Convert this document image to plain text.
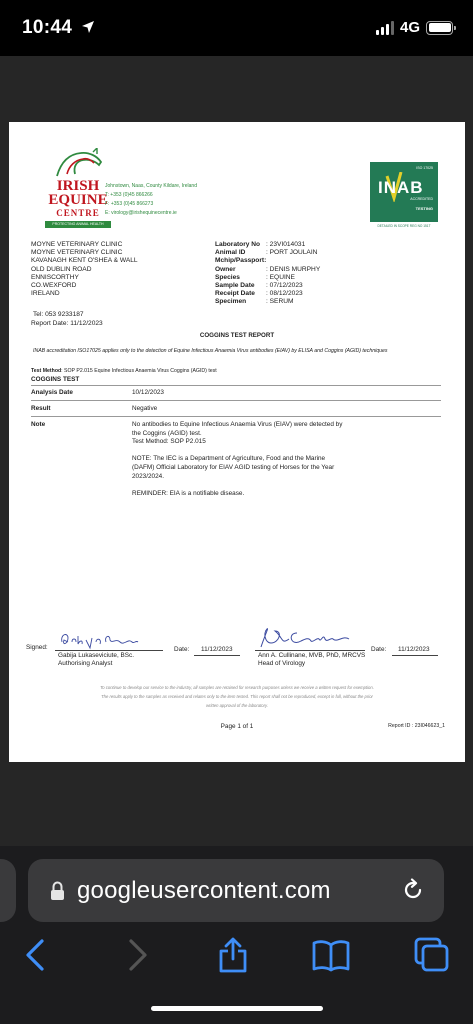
10:44	4G
IRISH
EQUINE
CENTRE
PROTECTING ANIMAL HEALTH
Johnstown, Naas, County Kildare, Ireland
T: +353 (0)45 866266
F: +353 (0)45 866273
E: virology@irishequinecentre.ie
ISO 17025
INAB
ACCREDITED
TESTING
DETAILED IN SCOPE REG NO 151T
MOYNE VETERINARY CLINIC
MOYNE VETERINARY CLINIC
KAVANAGH KENT O'SHEA & WALL
OLD DUBLIN ROAD
ENNISCORTHY
CO.WEXFORD
IRELAND
Tel: 053 9233187
Report Date: 11/12/2023
Laboratory No : 23VI014031
Animal ID	: PORT JOULAIN
Mchip/Passport:
Owner	: DENIS MURPHY
Species	: EQUINE
Sample Date	: 07/12/2023
Receipt Date	: 08/12/2023
Specimen	: SERUM
COGGINS TEST REPORT
INAB accreditation ISO17025 applies only to the detection of Equine Infectious Anaemia Virus antibodies (EIAV) by ELISA and Coggins (AGID) techniques
Test Method: SOP P2.015 Equine Infectious Anaemia Virus Coggins (AGID) test
COGGINS TEST
Analysis Date	10/12/2023
Result	Negative
Note	No antibodies to Equine Infectious Anaemia Virus (EIAV) were detected by
the Coggins (AGID) test.
Test Method: SOP P2.015
NOTE: The IEC is a Department of Agriculture, Food and the Marine
(DAFM) Official Laboratory for EIAV AGID testing of Horses for the Year
2023/2024.
REMINDER: EIA is a notifiable disease.
Signed:
Gabija Lukaseviciute, BSc.
Authorising Analyst
Date: 11/12/2023
Ann A. Cullinane, MVB, PhD, MRCVS
Head of Virology
Date: 11/12/2023
To continue to develop our service to the industry, all samples are retained for research purposes unless we receive a written request for exemption.
The results apply to the samples as received and relates only to the item tested. This report shall not be reproduced, except in full, without the prior
written approval of the laboratory.
Page 1 of 1	Report ID : 23I046623_1
googleusercontent.com
